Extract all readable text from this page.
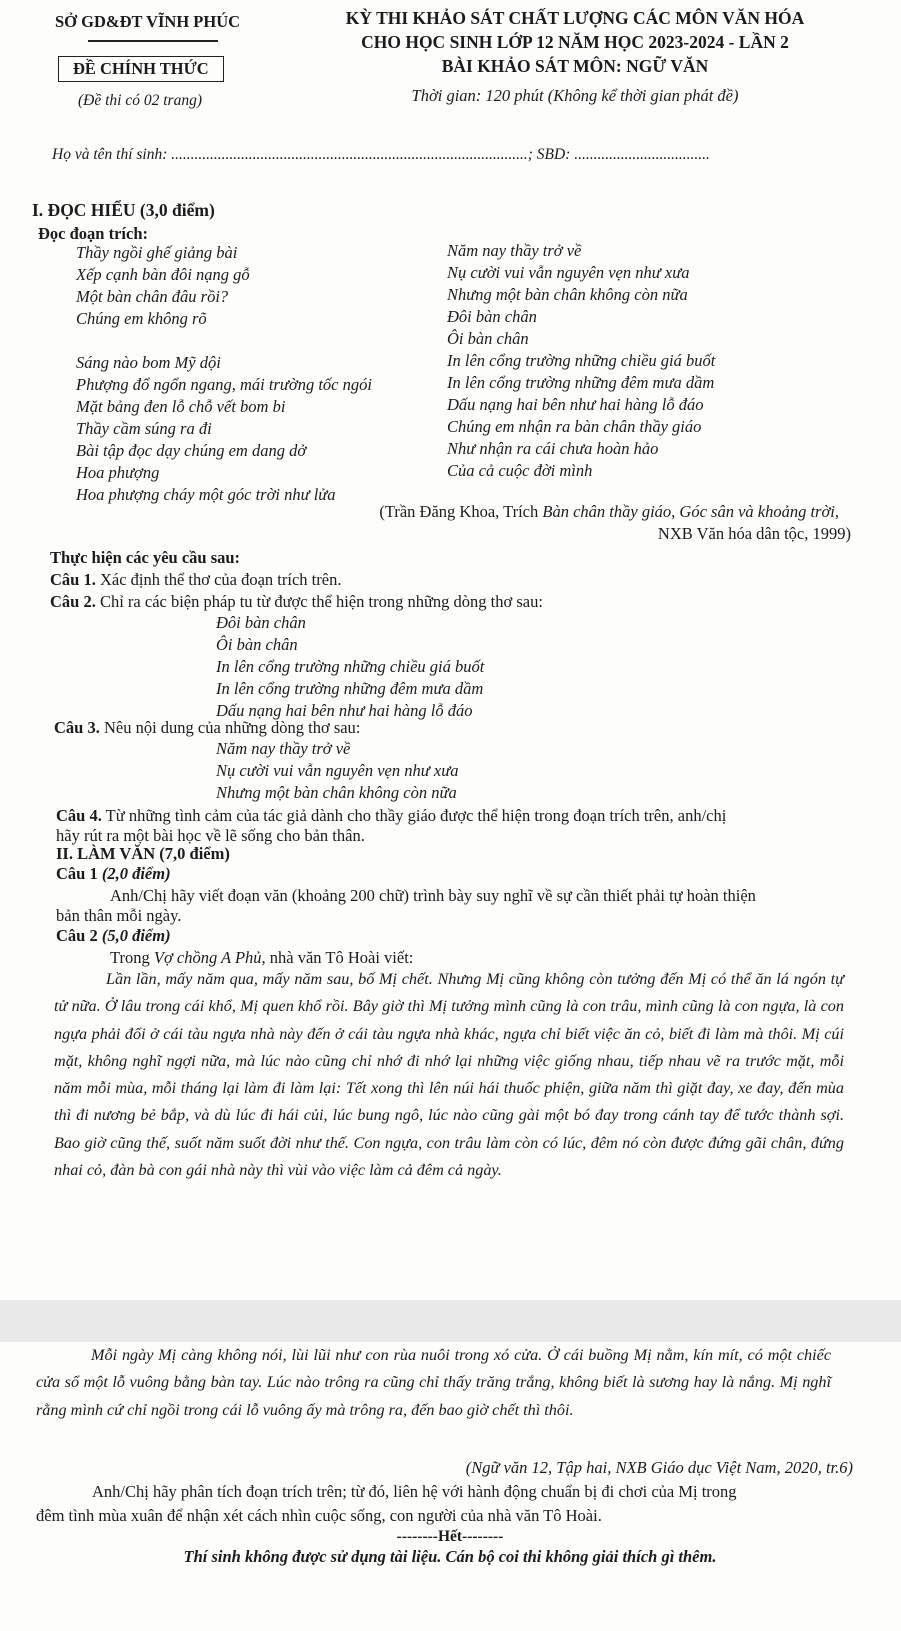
SỞ GD&ĐT VĨNH PHÚC
ĐỀ CHÍNH THỨC
(Đề thi có 02 trang)
KỲ THI KHẢO SÁT CHẤT LƯỢNG CÁC MÔN VĂN HÓA
CHO HỌC SINH LỚP 12 NĂM HỌC 2023-2024 - LẦN 2
BÀI KHẢO SÁT MÔN: NGỮ VĂN
Thời gian: 120 phút (Không kể thời gian phát đề)
Họ và tên thí sinh: ............................................................................................; SBD: ...................................
I. ĐỌC HIỂU (3,0 điểm)
Đọc đoạn trích:
Thầy ngồi ghế giảng bài
Xếp cạnh bàn đôi nạng gỗ
Một bàn chân đâu rồi?
Chúng em không rõ
Sáng nào bom Mỹ dội
Phượng đổ ngổn ngang, mái trường tốc ngói
Mặt bảng đen lỗ chỗ vết bom bi
Thầy cầm súng ra đi
Bài tập đọc dạy chúng em dang dở
Hoa phượng
Hoa phượng cháy một góc trời như lửa
Năm nay thầy trở về
Nụ cười vui vẫn nguyên vẹn như xưa
Nhưng một bàn chân không còn nữa
Đôi bàn chân
Ôi bàn chân
In lên cổng trường những chiều giá buốt
In lên cổng trường những đêm mưa dầm
Dấu nạng hai bên như hai hàng lỗ đáo
Chúng em nhận ra bàn chân thầy giáo
Như nhận ra cái chưa hoàn hảo
Của cả cuộc đời mình
(Trần Đăng Khoa, Trích Bàn chân thầy giáo, Góc sân và khoảng trời,
NXB Văn hóa dân tộc, 1999)
Thực hiện các yêu cầu sau:
Câu 1. Xác định thể thơ của đoạn trích trên.
Câu 2. Chỉ ra các biện pháp tu từ được thể hiện trong những dòng thơ sau:
Đôi bàn chân
Ôi bàn chân
In lên cổng trường những chiều giá buốt
In lên cổng trường những đêm mưa dầm
Dấu nạng hai bên như hai hàng lỗ đáo
Câu 3. Nêu nội dung của những dòng thơ sau:
Năm nay thầy trở về
Nụ cười vui vẫn nguyên vẹn như xưa
Nhưng một bàn chân không còn nữa
Câu 4. Từ những tình cảm của tác giả dành cho thầy giáo được thể hiện trong đoạn trích trên, anh/chị
hãy rút ra một bài học về lẽ sống cho bản thân.
II. LÀM VĂN (7,0 điểm)
Câu 1 (2,0 điểm)
Anh/Chị hãy viết đoạn văn (khoảng 200 chữ) trình bày suy nghĩ về sự cần thiết phải tự hoàn thiện
bản thân mỗi ngày.
Câu 2 (5,0 điểm)
Trong Vợ chồng A Phủ, nhà văn Tô Hoài viết:
Lần lần, mấy năm qua, mấy năm sau, bố Mị chết. Nhưng Mị cũng không còn tưởng đến Mị có thể ăn lá ngón tự tử nữa. Ở lâu trong cái khổ, Mị quen khổ rồi. Bây giờ thì Mị tưởng mình cũng là con trâu, mình cũng là con ngựa, là con ngựa phải đổi ở cái tàu ngựa nhà này đến ở cái tàu ngựa nhà khác, ngựa chỉ biết việc ăn cỏ, biết đi làm mà thôi. Mị cúi mặt, không nghĩ ngợi nữa, mà lúc nào cũng chỉ nhớ đi nhớ lại những việc giống nhau, tiếp nhau vẽ ra trước mặt, mỗi năm mỗi mùa, mỗi tháng lại làm đi làm lại: Tết xong thì lên núi hái thuốc phiện, giữa năm thì giặt đay, xe đay, đến mùa thì đi nương bẻ bắp, và dù lúc đi hái củi, lúc bung ngô, lúc nào cũng gài một bó đay trong cánh tay để tước thành sợi. Bao giờ cũng thế, suốt năm suốt đời như thế. Con ngựa, con trâu làm còn có lúc, đêm nó còn được đứng gãi chân, đứng nhai cỏ, đàn bà con gái nhà này thì vùi vào việc làm cả đêm cả ngày.
Mỗi ngày Mị càng không nói, lùi lũi như con rùa nuôi trong xó cửa. Ở cái buồng Mị nằm, kín mít, có một chiếc cửa sổ một lỗ vuông bằng bàn tay. Lúc nào trông ra cũng chỉ thấy trăng trắng, không biết là sương hay là nắng. Mị nghĩ rằng mình cứ chỉ ngồi trong cái lỗ vuông ấy mà trông ra, đến bao giờ chết thì thôi.
(Ngữ văn 12, Tập hai, NXB Giáo dục Việt Nam, 2020, tr.6)
Anh/Chị hãy phân tích đoạn trích trên; từ đó, liên hệ với hành động chuẩn bị đi chơi của Mị trong
đêm tình mùa xuân để nhận xét cách nhìn cuộc sống, con người của nhà văn Tô Hoài.
--------Hết--------
Thí sinh không được sử dụng tài liệu. Cán bộ coi thi không giải thích gì thêm.
